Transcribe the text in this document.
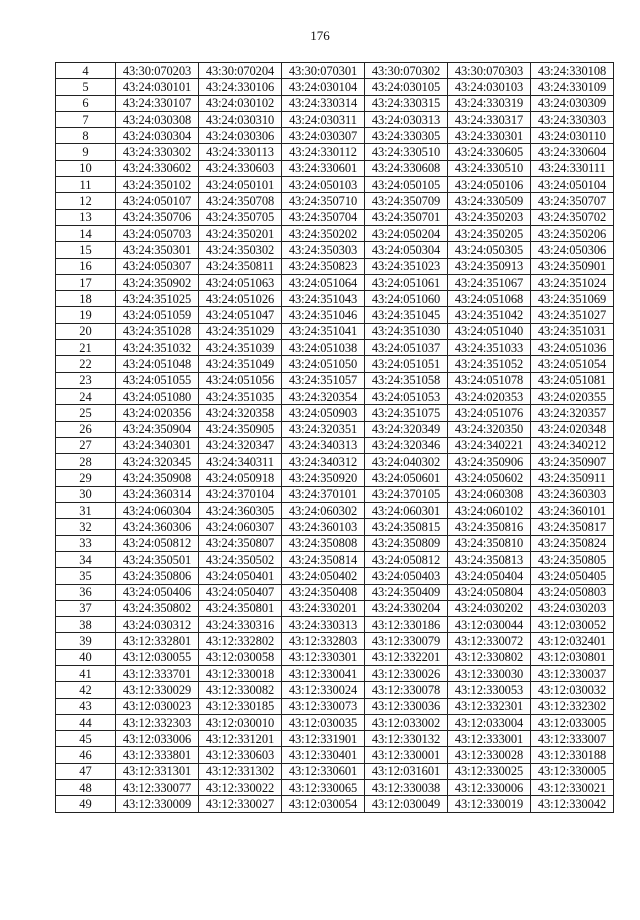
176
4	43:30:070203	43:30:070204	43:30:070301	43:30:070302	43:30:070303	43:24:330108
5	43:24:030101	43:24:330106	43:24:030104	43:24:030105	43:24:030103	43:24:330109
6	43:24:330107	43:24:030102	43:24:330314	43:24:330315	43:24:330319	43:24:030309
7	43:24:030308	43:24:030310	43:24:030311	43:24:030313	43:24:330317	43:24:330303
8	43:24:030304	43:24:030306	43:24:030307	43:24:330305	43:24:330301	43:24:030110
9	43:24:330302	43:24:330113	43:24:330112	43:24:330510	43:24:330605	43:24:330604
10	43:24:330602	43:24:330603	43:24:330601	43:24:330608	43:24:330510	43:24:330111
11	43:24:350102	43:24:050101	43:24:050103	43:24:050105	43:24:050106	43:24:050104
12	43:24:050107	43:24:350708	43:24:350710	43:24:350709	43:24:330509	43:24:350707
13	43:24:350706	43:24:350705	43:24:350704	43:24:350701	43:24:350203	43:24:350702
14	43:24:050703	43:24:350201	43:24:350202	43:24:050204	43:24:350205	43:24:350206
15	43:24:350301	43:24:350302	43:24:350303	43:24:050304	43:24:050305	43:24:050306
16	43:24:050307	43:24:350811	43:24:350823	43:24:351023	43:24:350913	43:24:350901
17	43:24:350902	43:24:051063	43:24:051064	43:24:051061	43:24:351067	43:24:351024
18	43:24:351025	43:24:051026	43:24:351043	43:24:051060	43:24:051068	43:24:351069
19	43:24:051059	43:24:051047	43:24:351046	43:24:351045	43:24:351042	43:24:351027
20	43:24:351028	43:24:351029	43:24:351041	43:24:351030	43:24:051040	43:24:351031
21	43:24:351032	43:24:351039	43:24:051038	43:24:051037	43:24:351033	43:24:051036
22	43:24:051048	43:24:351049	43:24:051050	43:24:051051	43:24:351052	43:24:051054
23	43:24:051055	43:24:051056	43:24:351057	43:24:351058	43:24:051078	43:24:051081
24	43:24:051080	43:24:351035	43:24:320354	43:24:051053	43:24:020353	43:24:020355
25	43:24:020356	43:24:320358	43:24:050903	43:24:351075	43:24:051076	43:24:320357
26	43:24:350904	43:24:350905	43:24:320351	43:24:320349	43:24:320350	43:24:020348
27	43:24:340301	43:24:320347	43:24:340313	43:24:320346	43:24:340221	43:24:340212
28	43:24:320345	43:24:340311	43:24:340312	43:24:040302	43:24:350906	43:24:350907
29	43:24:350908	43:24:050918	43:24:350920	43:24:050601	43:24:050602	43:24:350911
30	43:24:360314	43:24:370104	43:24:370101	43:24:370105	43:24:060308	43:24:360303
31	43:24:060304	43:24:360305	43:24:060302	43:24:060301	43:24:060102	43:24:360101
32	43:24:360306	43:24:060307	43:24:360103	43:24:350815	43:24:350816	43:24:350817
33	43:24:050812	43:24:350807	43:24:350808	43:24:350809	43:24:350810	43:24:350824
34	43:24:350501	43:24:350502	43:24:350814	43:24:050812	43:24:350813	43:24:350805
35	43:24:350806	43:24:050401	43:24:050402	43:24:050403	43:24:050404	43:24:050405
36	43:24:050406	43:24:050407	43:24:350408	43:24:350409	43:24:050804	43:24:050803
37	43:24:350802	43:24:350801	43:24:330201	43:24:330204	43:24:030202	43:24:030203
38	43:24:030312	43:24:330316	43:24:330313	43:12:330186	43:12:030044	43:12:030052
39	43:12:332801	43:12:332802	43:12:332803	43:12:330079	43:12:330072	43:12:032401
40	43:12:030055	43:12:030058	43:12:330301	43:12:332201	43:12:330802	43:12:030801
41	43:12:333701	43:12:330018	43:12:330041	43:12:330026	43:12:330030	43:12:330037
42	43:12:330029	43:12:330082	43:12:330024	43:12:330078	43:12:330053	43:12:030032
43	43:12:030023	43:12:330185	43:12:330073	43:12:330036	43:12:332301	43:12:332302
44	43:12:332303	43:12:030010	43:12:030035	43:12:033002	43:12:033004	43:12:033005
45	43:12:033006	43:12:331201	43:12:331901	43:12:330132	43:12:333001	43:12:333007
46	43:12:333801	43:12:330603	43:12:330401	43:12:330001	43:12:330028	43:12:330188
47	43:12:331301	43:12:331302	43:12:330601	43:12:031601	43:12:330025	43:12:330005
48	43:12:330077	43:12:330022	43:12:330065	43:12:330038	43:12:330006	43:12:330021
49	43:12:330009	43:12:330027	43:12:030054	43:12:030049	43:12:330019	43:12:330042
